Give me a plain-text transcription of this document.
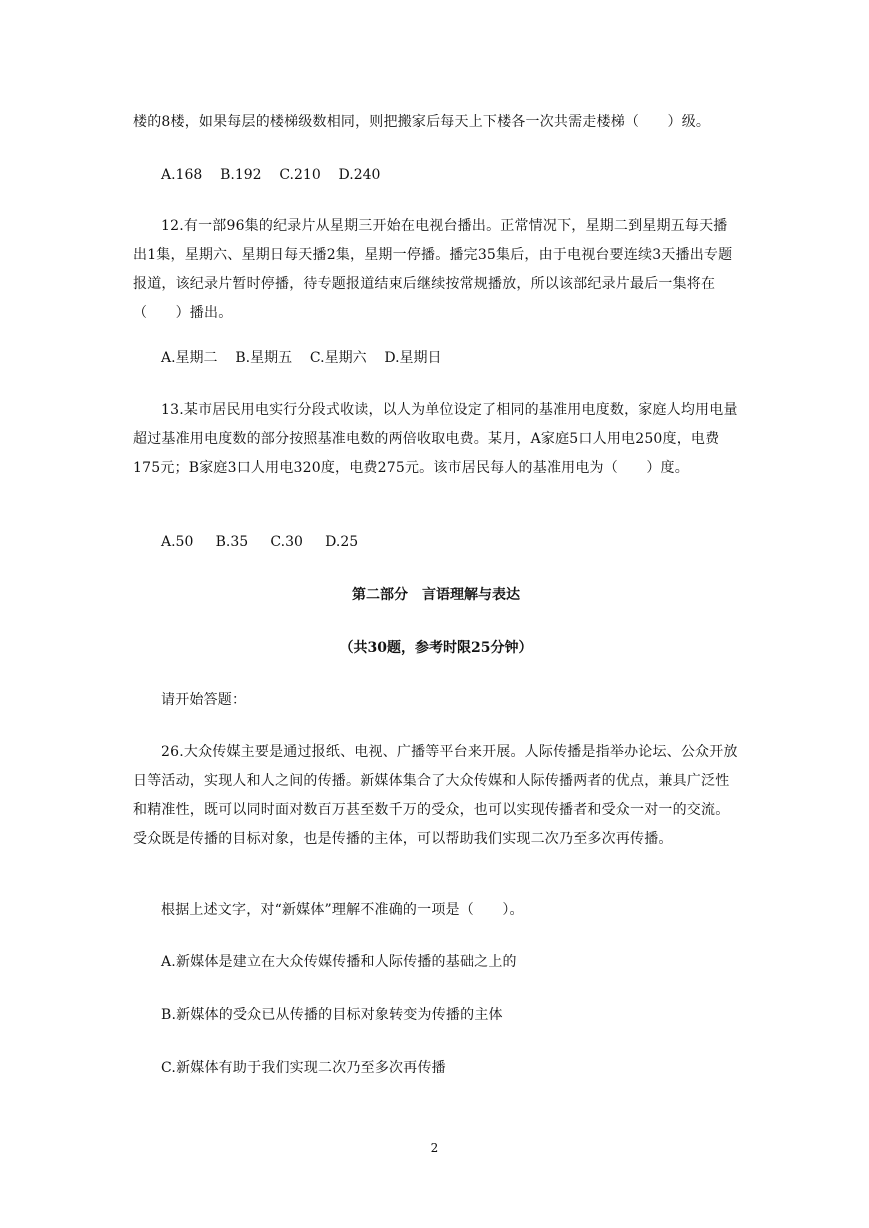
楼的8楼，如果每层的楼梯级数相同，则把搬家后每天上下楼各一次共需走楼梯（　　）级。

A.168    B.192    C.210    D.240

12.有一部96集的纪录片从星期三开始在电视台播出。正常情况下，星期二到星期五每天播出1集，星期六、星期日每天播2集，星期一停播。播完35集后，由于电视台要连续3天播出专题报道，该纪录片暂时停播，待专题报道结束后继续按常规播放，所以该部纪录片最后一集将在（　　）播出。

A.星期二    B.星期五    C.星期六    D.星期日

13.某市居民用电实行分段式收读，以人为单位设定了相同的基准用电度数，家庭人均用电量超过基准用电度数的部分按照基准电数的两倍收取电费。某月，A家庭5口人用电250度，电费175元；B家庭3口人用电320度，电费275元。该市居民每人的基准用电为（　　）度。

A.50     B.35     C.30     D.25

第二部分　言语理解与表达

（共30题，参考时限25分钟）

请开始答题：

26.大众传媒主要是通过报纸、电视、广播等平台来开展。人际传播是指举办论坛、公众开放日等活动，实现人和人之间的传播。新媒体集合了大众传媒和人际传播两者的优点，兼具广泛性和精准性，既可以同时面对数百万甚至数千万的受众，也可以实现传播者和受众一对一的交流。受众既是传播的目标对象，也是传播的主体，可以帮助我们实现二次乃至多次再传播。

根据上述文字，对“新媒体”理解不准确的一项是（　　）。

A.新媒体是建立在大众传媒传播和人际传播的基础之上的

B.新媒体的受众已从传播的目标对象转变为传播的主体

C.新媒体有助于我们实现二次乃至多次再传播

2
